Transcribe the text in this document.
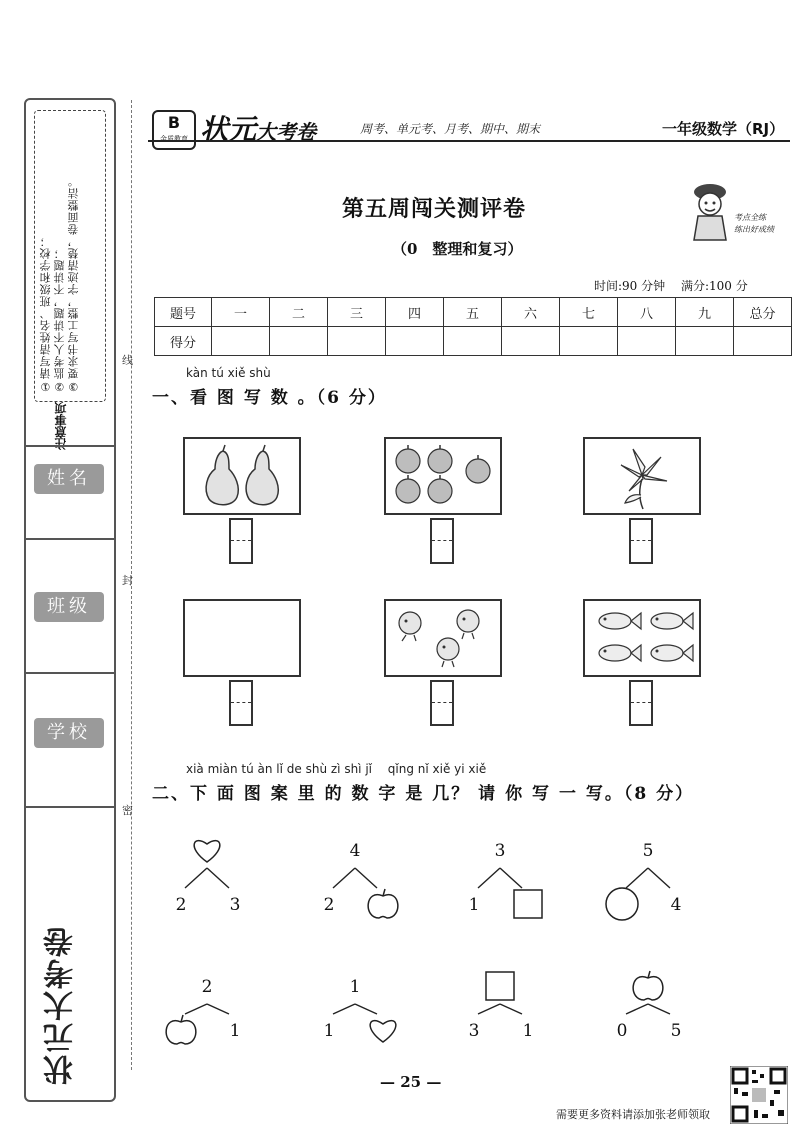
①请写清姓名、班级和学校； ②监考人不讲题，不讲题； ③要求书写工整，字迹清楚，卷面整洁。
注意事项
姓名
班级
学校
状元大考卷
线
封
密
B
金质教育 状元大考卷	周考、单元考、月考、期中、期末	一年级数学（RJ）
第五周闯关测评卷
（0　整理和复习）
考点全练
练出好成绩
时间:90 分钟　 满分:100 分
题号	一	二	三	四	五	六	七	八	九	总分
得分										
kàn tú xiě shù
一、看 图 写 数 。（6 分）
xià miàn tú àn lǐ de shù zì shì jǐ　 qǐng nǐ xiě yi xiě
二、下 面 图 案 里 的 数 字 是 几？ 请 你 写 一 写。（8 分）
2	3
4
2
3
1
5
4
2
1
1
1	3	1	0	5
— 25 —
需要更多资料请添加张老师领取
